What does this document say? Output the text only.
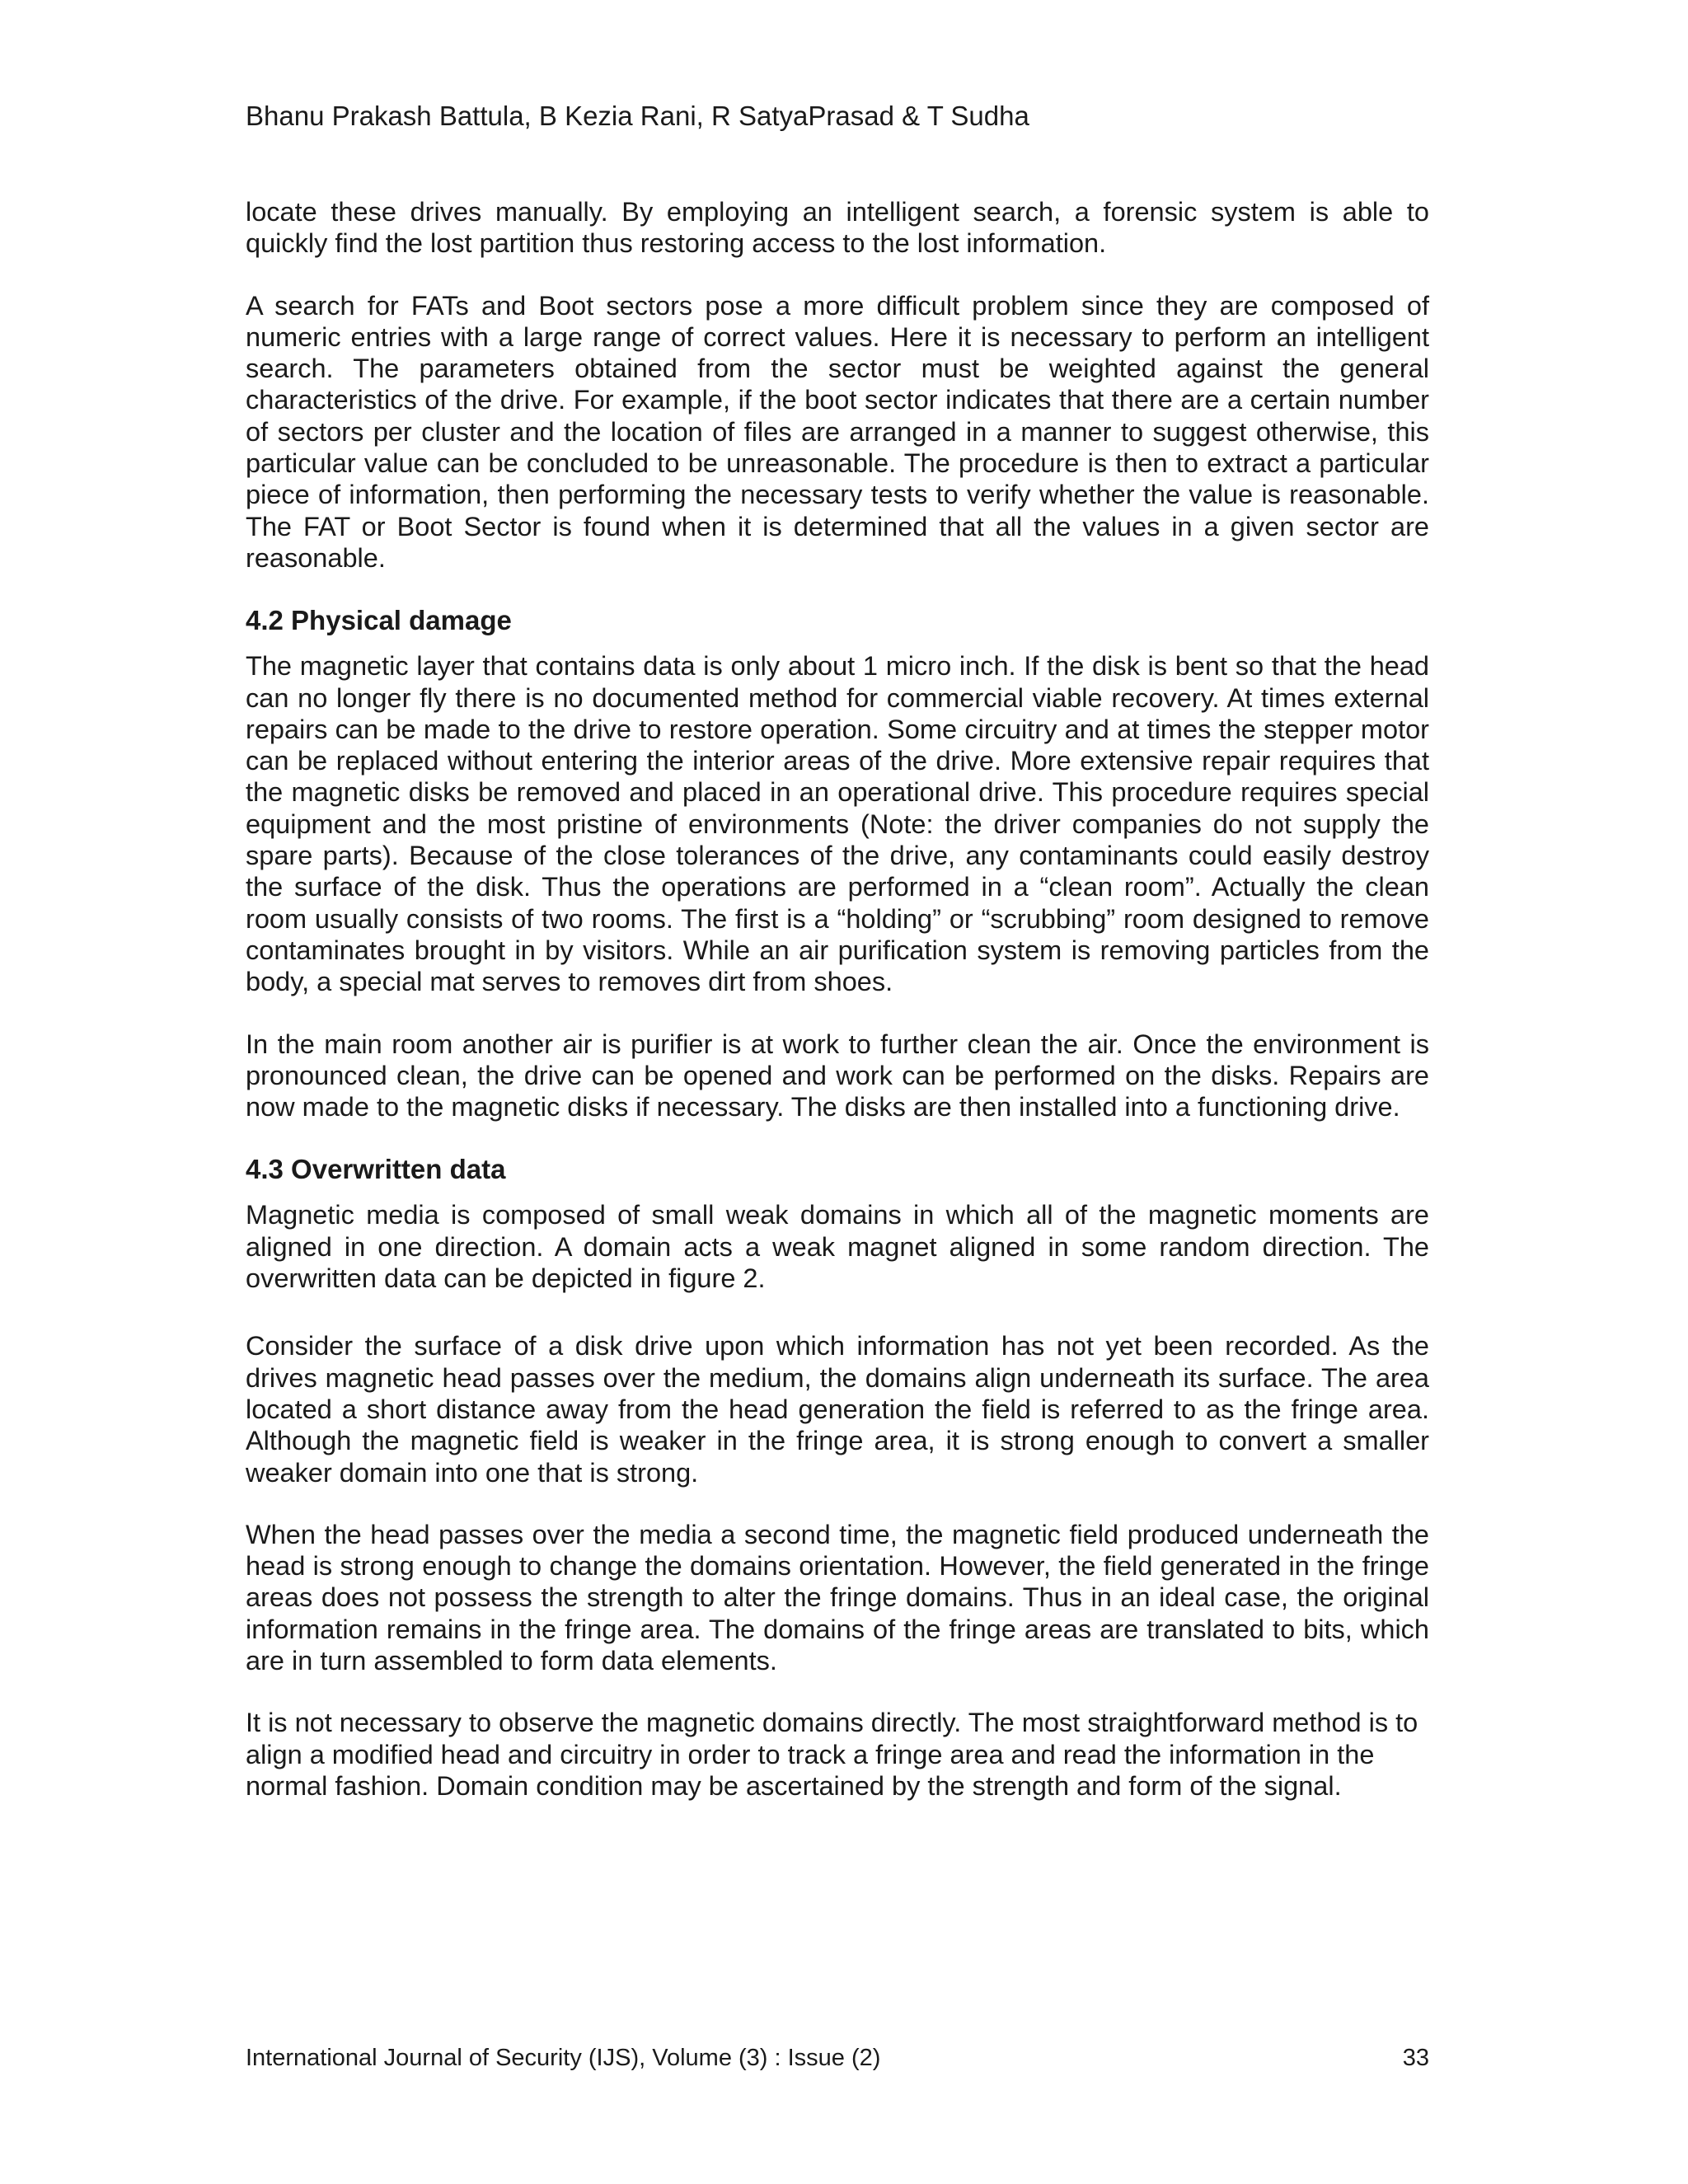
Bhanu Prakash Battula, B Kezia Rani, R SatyaPrasad & T Sudha

locate these drives manually. By employing an intelligent search, a forensic system is able to quickly find the lost partition thus restoring access to the lost information.

A search for FATs and Boot sectors pose a more difficult problem since they are composed of numeric entries with a large range of correct values. Here it is necessary to perform an intelligent search. The parameters obtained from the sector must be weighted against the general characteristics of the drive. For example, if the boot sector indicates that there are a certain number of sectors per cluster and the location of files are arranged in a manner to suggest otherwise, this particular value can be concluded to be unreasonable. The procedure is then to extract a particular piece of information, then performing the necessary tests to verify whether the value is reasonable. The FAT or Boot Sector is found when it is determined that all the values in a given sector are reasonable.

4.2 Physical damage

The magnetic layer that contains data is only about 1 micro inch. If the disk is bent so that the head can no longer fly there is no documented method for commercial viable recovery. At times external repairs can be made to the drive to restore operation. Some circuitry and at times the stepper motor can be replaced without entering the interior areas of the drive. More extensive repair requires that the magnetic disks be removed and placed in an operational drive. This procedure requires special equipment and the most pristine of environments (Note: the driver companies do not supply the spare parts). Because of the close tolerances of the drive, any contaminants could easily destroy the surface of the disk. Thus the operations are performed in a “clean room”. Actually the clean room usually consists of two rooms. The first is a “holding” or “scrubbing” room designed to remove contaminates brought in by visitors. While an air purification system is removing particles from the body, a special mat serves to removes dirt from shoes.

In the main room another air is purifier is at work to further clean the air. Once the environment is pronounced clean, the drive can be opened and work can be performed on the disks. Repairs are now made to the magnetic disks if necessary. The disks are then installed into a functioning drive.

4.3 Overwritten data

Magnetic media is composed of small weak domains in which all of the magnetic moments are aligned in one direction. A domain acts a weak magnet aligned in some random direction. The overwritten data can be depicted in figure 2.

Consider the surface of a disk drive upon which information has not yet been recorded. As the drives magnetic head passes over the medium, the domains align underneath its surface. The area located a short distance away from the head generation the field is referred to as the fringe area. Although the magnetic field is weaker in the fringe area, it is strong enough to convert a smaller weaker domain into one that is strong.

When the head passes over the media a second time, the magnetic field produced underneath the head is strong enough to change the domains orientation. However, the field generated in the fringe areas does not possess the strength to alter the fringe domains. Thus in an ideal case, the original information remains in the fringe area. The domains of the fringe areas are translated to bits, which are in turn assembled to form data elements.

It is not necessary to observe the magnetic domains directly. The most straightforward method is to align a modified head and circuitry in order to track a fringe area and read the information in the normal fashion. Domain condition may be ascertained by the strength and form of the signal.

International Journal of Security (IJS), Volume (3) : Issue (2)	33
